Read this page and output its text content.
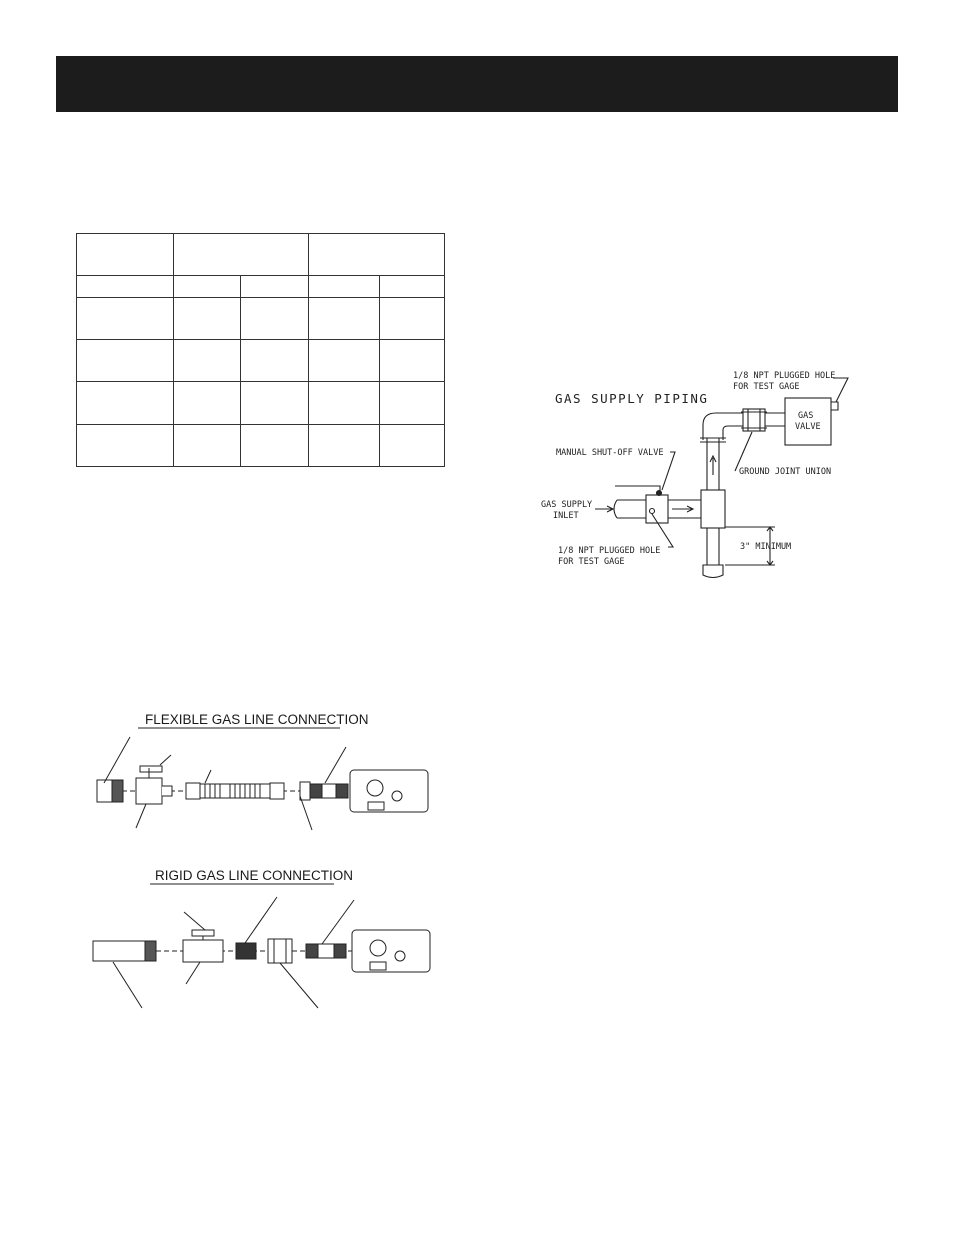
GAS SUPPLY PIPING
GAS
VALVE
1/8 NPT PLUGGED HOLE
FOR TEST GAGE
MANUAL SHUT-OFF VALVE
GROUND JOINT UNION
GAS SUPPLY
INLET
1/8 NPT PLUGGED HOLE
FOR TEST GAGE
3" MINIMUM
FLEXIBLE GAS LINE CONNECTION
RIGID GAS LINE CONNECTION
